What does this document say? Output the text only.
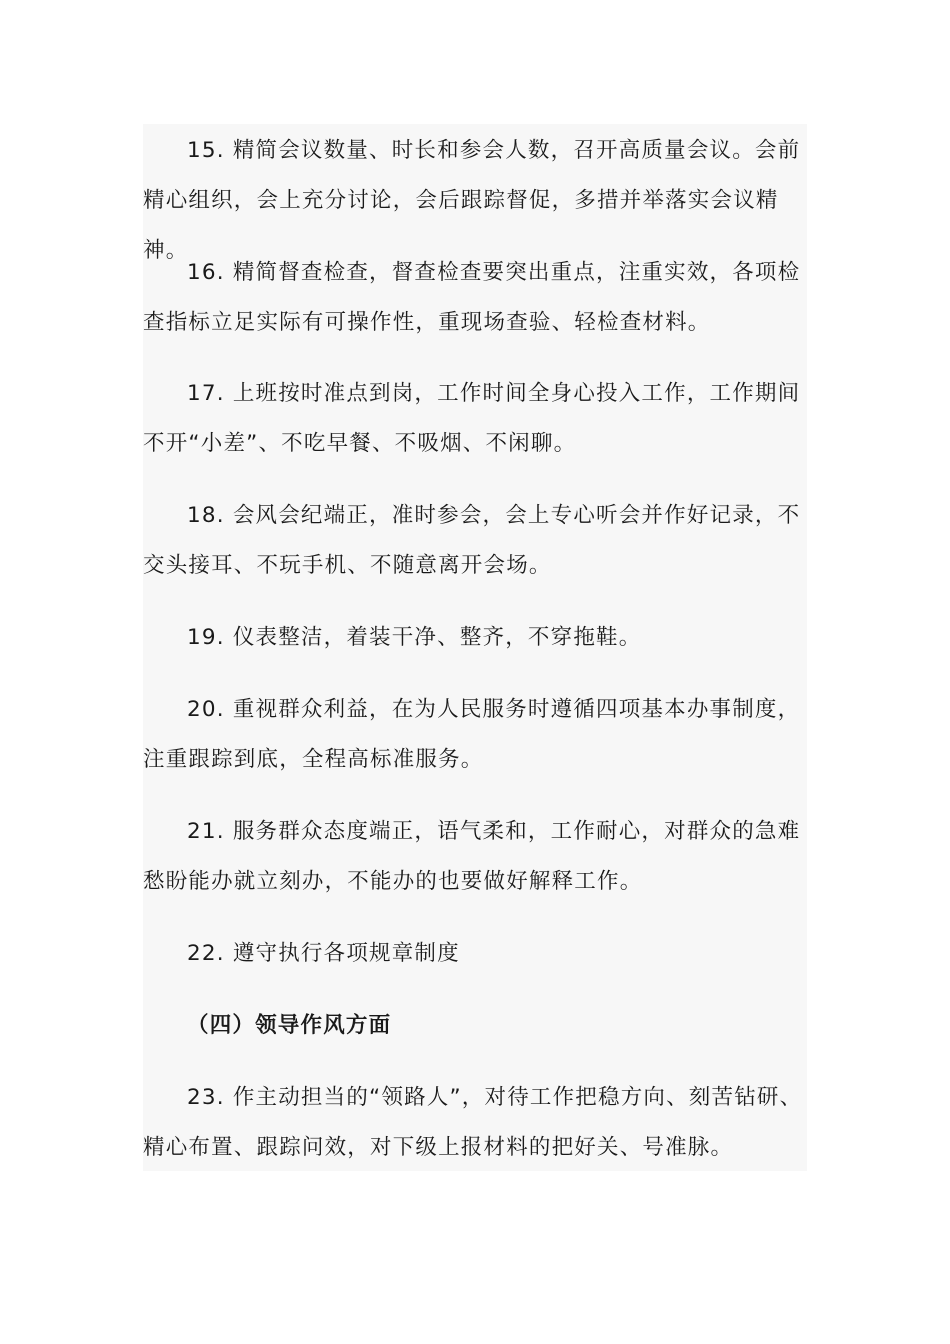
15. 精简会议数量、时长和参会人数，召开高质量会议。会前精心组织，会上充分讨论，会后跟踪督促，多措并举落实会议精神。

16. 精简督查检查，督查检查要突出重点，注重实效，各项检查指标立足实际有可操作性，重现场查验、轻检查材料。

17. 上班按时准点到岗，工作时间全身心投入工作，工作期间不开“小差”、不吃早餐、不吸烟、不闲聊。

18. 会风会纪端正，准时参会，会上专心听会并作好记录，不交头接耳、不玩手机、不随意离开会场。

19. 仪表整洁，着装干净、整齐，不穿拖鞋。

20. 重视群众利益，在为人民服务时遵循四项基本办事制度，注重跟踪到底，全程高标准服务。

21. 服务群众态度端正，语气柔和，工作耐心，对群众的急难愁盼能办就立刻办，不能办的也要做好解释工作。

22. 遵守执行各项规章制度

（四）领导作风方面

23. 作主动担当的“领路人”，对待工作把稳方向、刻苦钻研、精心布置、跟踪问效，对下级上报材料的把好关、号准脉。
